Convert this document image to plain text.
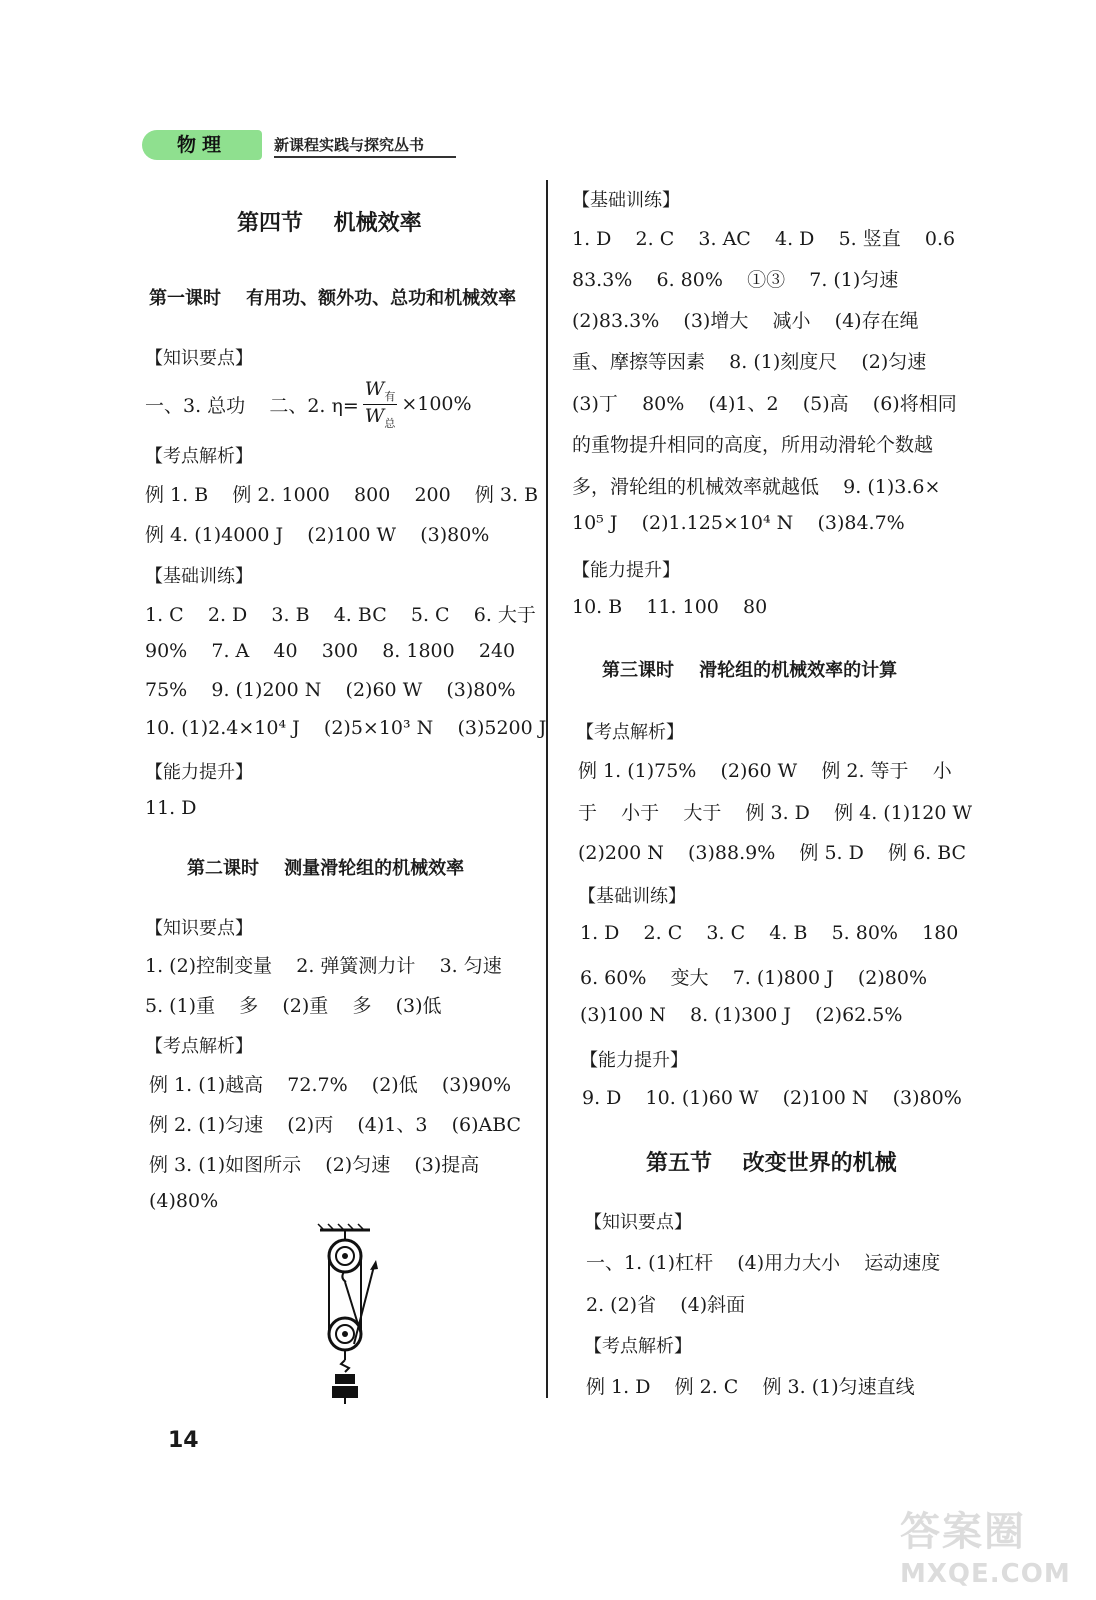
物理	新课程实践与探究丛书
第四节    机械效率
第一课时    有用功、额外功、总功和机械效率
【知识要点】
一、3. 总功    二、2. $\eta= \frac{W_有}{W_总} \times 100\%$
【考点解析】
例 1. B    例 2. 1000    800    200    例 3. B
例 4. (1)4000 J    (2)100 W    (3)80%
【基础训练】
1. C    2. D    3. B    4. BC    5. C    6. 大于
90%    7. A    40    300    8. 1800    240
75%    9. (1)200 N    (2)60 W    (3)80%
10. (1)2.4×10⁴ J    (2)5×10³ N    (3)5200 J
【能力提升】
11. D
第二课时    测量滑轮组的机械效率
【知识要点】
1. (2)控制变量    2. 弹簧测力计    3. 匀速
5. (1)重    多    (2)重    多    (3)低
【考点解析】
例 1. (1)越高    72.7%    (2)低    (3)90%
例 2. (1)匀速    (2)丙    (4)1、3    (6)ABC
例 3. (1)如图所示    (2)匀速    (3)提高
(4)80%
14
【基础训练】
1. D    2. C    3. AC    4. D    5. 竖直    0.6
83.3%    6. 80%    ①③    7. (1)匀速
(2)83.3%    (3)增大    减小    (4)存在绳
重、摩擦等因素    8. (1)刻度尺    (2)匀速
(3)丁    80%    (4)1、2    (5)高    (6)将相同
的重物提升相同的高度，所用动滑轮个数越
多，滑轮组的机械效率就越低    9. (1)3.6×
10⁵ J    (2)1.125×10⁴ N    (3)84.7%
【能力提升】
10. B    11. 100    80
第三课时    滑轮组的机械效率的计算
【考点解析】
例 1. (1)75%    (2)60 W    例 2. 等于    小
于    小于    大于    例 3. D    例 4. (1)120 W
(2)200 N    (3)88.9%    例 5. D    例 6. BC
【基础训练】
1. D    2. C    3. C    4. B    5. 80%    180
6. 60%    变大    7. (1)800 J    (2)80%
(3)100 N    8. (1)300 J    (2)62.5%
【能力提升】
9. D    10. (1)60 W    (2)100 N    (3)80%
第五节    改变世界的机械
【知识要点】
一、1. (1)杠杆    (4)用力大小    运动速度
2. (2)省    (4)斜面
【考点解析】
例 1. D    例 2. C    例 3. (1)匀速直线
答案圈
MXQE.COM
